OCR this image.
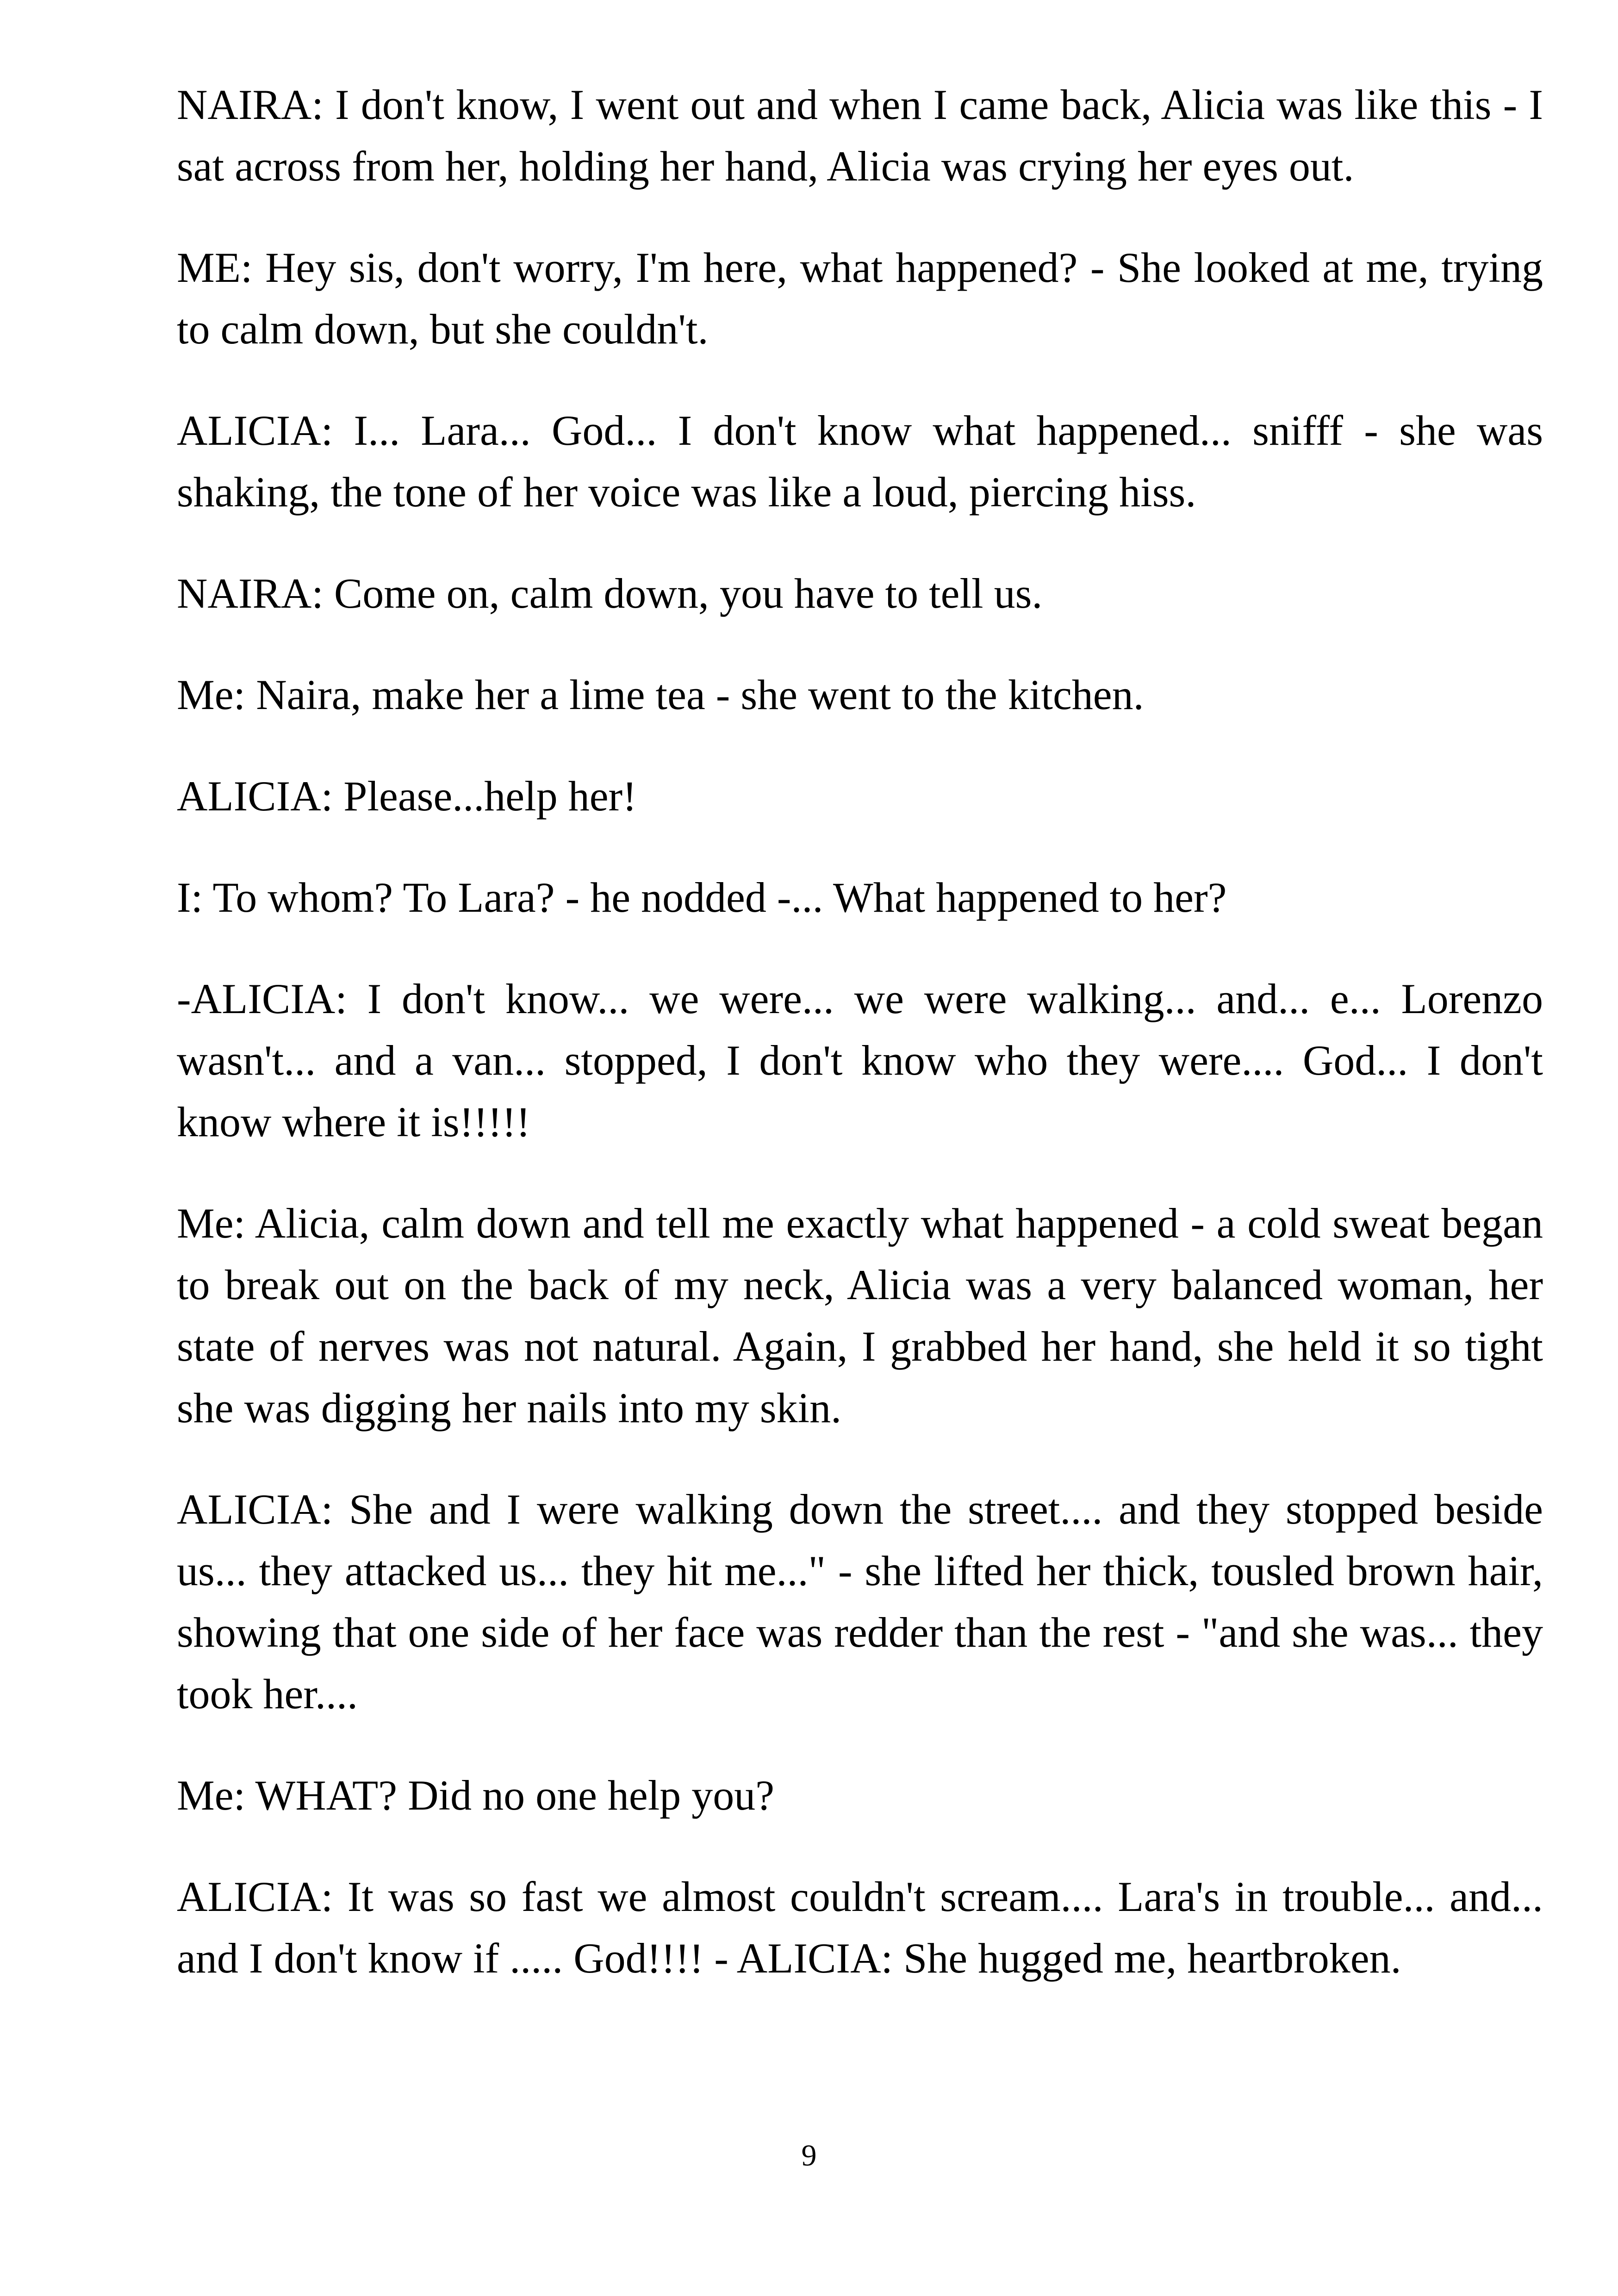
NAIRA: I don't know, I went out and when I came back, Alicia was like this - I sat across from her, holding her hand, Alicia was crying her eyes out.

ME: Hey sis, don't worry, I'm here, what happened? - She looked at me, trying to calm down, but she couldn't.

ALICIA: I... Lara... God... I don't know what happened... snifff - she was shaking, the tone of her voice was like a loud, piercing hiss.

NAIRA: Come on, calm down, you have to tell us.

Me: Naira, make her a lime tea - she went to the kitchen.

ALICIA: Please...help her!

I: To whom? To Lara? - he nodded -... What happened to her?

-ALICIA: I don't know... we were... we were walking... and... e... Lorenzo wasn't... and a van... stopped, I don't know who they were.... God... I don't know where it is!!!!!

Me: Alicia, calm down and tell me exactly what happened - a cold sweat began to break out on the back of my neck, Alicia was a very balanced woman, her state of nerves was not natural. Again, I grabbed her hand, she held it so tight she was digging her nails into my skin.

ALICIA: She and I were walking down the street.... and they stopped beside us... they attacked us... they hit me..." - she lifted her thick, tousled brown hair, showing that one side of her face was redder than the rest - "and she was... they took her....

Me: WHAT? Did no one help you?

ALICIA: It was so fast we almost couldn't scream.... Lara's in trouble... and... and I don't know if ..... God!!!! - ALICIA: She hugged me, heartbroken.

9
